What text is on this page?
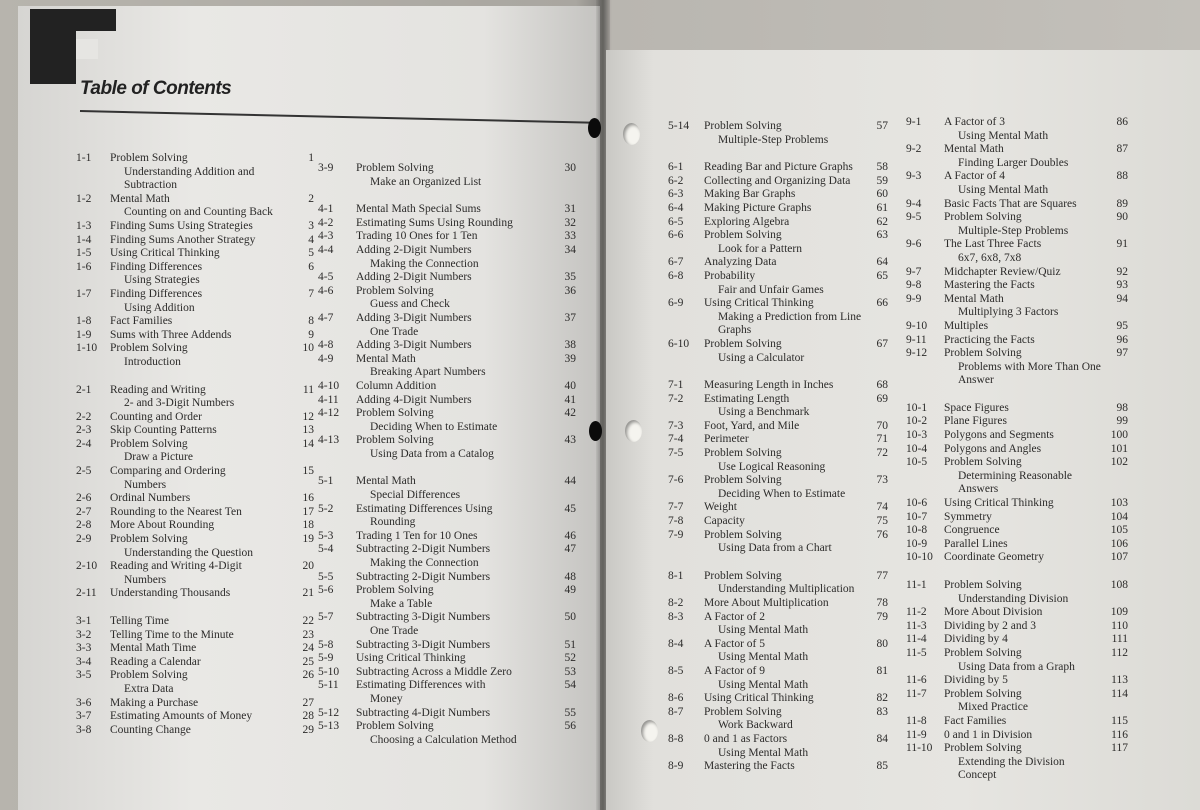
Table of Contents
1-1	Problem Solving
Understanding Addition and
Subtraction
1
1-2	Mental Math
Counting on and Counting Back
2
1-3	Finding Sums Using Strategies	3
1-4	Finding Sums Another Strategy	4
1-5	Using Critical Thinking	5
1-6	Finding Differences
Using Strategies
6
1-7	Finding Differences
Using Addition
7
1-8	Fact Families	8
1-9	Sums with Three Addends	9
1-10	Problem Solving
Introduction
10
2-1	Reading and Writing
2- and 3-Digit Numbers
11
2-2	Counting and Order	12
2-3	Skip Counting Patterns	13
2-4	Problem Solving
Draw a Picture
14
2-5	Comparing and Ordering
Numbers
15
2-6	Ordinal Numbers	16
2-7	Rounding to the Nearest Ten	17
2-8	More About Rounding	18
2-9	Problem Solving
Understanding the Question
19
2-10	Reading and Writing 4-Digit
Numbers
20
2-11	Understanding Thousands	21
3-1	Telling Time	22
3-2	Telling Time to the Minute	23
3-3	Mental Math Time	24
3-4	Reading a Calendar	25
3-5	Problem Solving
Extra Data
26
3-6	Making a Purchase	27
3-7	Estimating Amounts of Money	28
3-8	Counting Change	29
3-9	Problem Solving
Make an Organized List
30
4-1	Mental Math Special Sums	31
4-2	Estimating Sums Using Rounding	32
4-3	Trading 10 Ones for 1 Ten	33
4-4	Adding 2-Digit Numbers
Making the Connection
34
4-5	Adding 2-Digit Numbers	35
4-6	Problem Solving
Guess and Check
36
4-7	Adding 3-Digit Numbers
One Trade
37
4-8	Adding 3-Digit Numbers	38
4-9	Mental Math
Breaking Apart Numbers
39
4-10	Column Addition	40
4-11	Adding 4-Digit Numbers	41
4-12	Problem Solving
Deciding When to Estimate
42
4-13	Problem Solving
Using Data from a Catalog
43
5-1	Mental Math
Special Differences
44
5-2	Estimating Differences Using
Rounding
45
5-3	Trading 1 Ten for 10 Ones	46
5-4	Subtracting 2-Digit Numbers
Making the Connection
47
5-5	Subtracting 2-Digit Numbers	48
5-6	Problem Solving
Make a Table
49
5-7	Subtracting 3-Digit Numbers
One Trade
50
5-8	Subtracting 3-Digit Numbers	51
5-9	Using Critical Thinking	52
5-10	Subtracting Across a Middle Zero	53
5-11	Estimating Differences with
Money
54
5-12	Subtracting 4-Digit Numbers	55
5-13	Problem Solving
Choosing a Calculation Method
56
5-14	Problem Solving
Multiple-Step Problems
57
6-1	Reading Bar and Picture Graphs	58
6-2	Collecting and Organizing Data	59
6-3	Making Bar Graphs	60
6-4	Making Picture Graphs	61
6-5	Exploring Algebra	62
6-6	Problem Solving
Look for a Pattern
63
6-7	Analyzing Data	64
6-8	Probability
Fair and Unfair Games
65
6-9	Using Critical Thinking
Making a Prediction from Line
Graphs
66
6-10	Problem Solving
Using a Calculator
67
7-1	Measuring Length in Inches	68
7-2	Estimating Length
Using a Benchmark
69
7-3	Foot, Yard, and Mile	70
7-4	Perimeter	71
7-5	Problem Solving
Use Logical Reasoning
72
7-6	Problem Solving
Deciding When to Estimate
73
7-7	Weight	74
7-8	Capacity	75
7-9	Problem Solving
Using Data from a Chart
76
8-1	Problem Solving
Understanding Multiplication
77
8-2	More About Multiplication	78
8-3	A Factor of 2
Using Mental Math
79
8-4	A Factor of 5
Using Mental Math
80
8-5	A Factor of 9
Using Mental Math
81
8-6	Using Critical Thinking	82
8-7	Problem Solving
Work Backward
83
8-8	0 and 1 as Factors
Using Mental Math
84
8-9	Mastering the Facts	85
9-1	A Factor of 3
Using Mental Math
86
9-2	Mental Math
Finding Larger Doubles
87
9-3	A Factor of 4
Using Mental Math
88
9-4	Basic Facts That are Squares	89
9-5	Problem Solving
Multiple-Step Problems
90
9-6	The Last Three Facts
6x7, 6x8, 7x8
91
9-7	Midchapter Review/Quiz	92
9-8	Mastering the Facts	93
9-9	Mental Math
Multiplying 3 Factors
94
9-10	Multiples	95
9-11	Practicing the Facts	96
9-12	Problem Solving
Problems with More Than One
Answer
97
10-1	Space Figures	98
10-2	Plane Figures	99
10-3	Polygons and Segments	100
10-4	Polygons and Angles	101
10-5	Problem Solving
Determining Reasonable
Answers
102
10-6	Using Critical Thinking	103
10-7	Symmetry	104
10-8	Congruence	105
10-9	Parallel Lines	106
10-10 Coordinate Geometry	107
11-1	Problem Solving
Understanding Division
108
11-2	More About Division	109
11-3	Dividing by 2 and 3	110
11-4	Dividing by 4	111
11-5	Problem Solving
Using Data from a Graph
112
11-6	Dividing by 5	113
11-7	Problem Solving
Mixed Practice
114
11-8	Fact Families	115
11-9	0 and 1 in Division	116
11-10	Problem Solving
Extending the Division Concept
117
